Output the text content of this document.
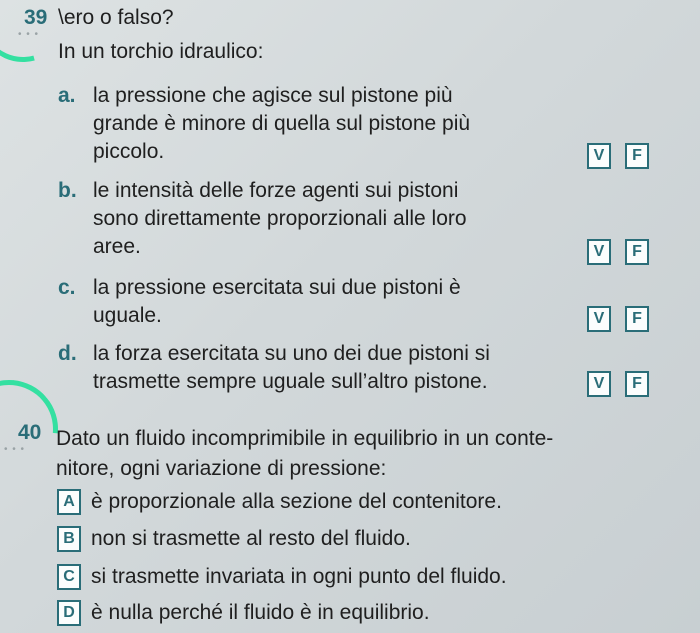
39
• • •
\ero o falso?
In un torchio idraulico:
a. la pressione che agisce sul pistone più
grande è minore di quella sul pistone più
piccolo.	V	F
b. le intensità delle forze agenti sui pistoni
sono direttamente proporzionali alle loro
aree.	V	F
c. la pressione esercitata sui due pistoni è
uguale.	V	F
d. la forza esercitata su uno dei due pistoni si
trasmette sempre uguale sull’altro pistone.	V	F
40
• • • Dato un fluido incomprimibile in equilibrio in un conte-
nitore, ogni variazione di pressione:
A è proporzionale alla sezione del contenitore.
B non si trasmette al resto del fluido.
C si trasmette invariata in ogni punto del fluido.
D è nulla perché il fluido è in equilibrio.
